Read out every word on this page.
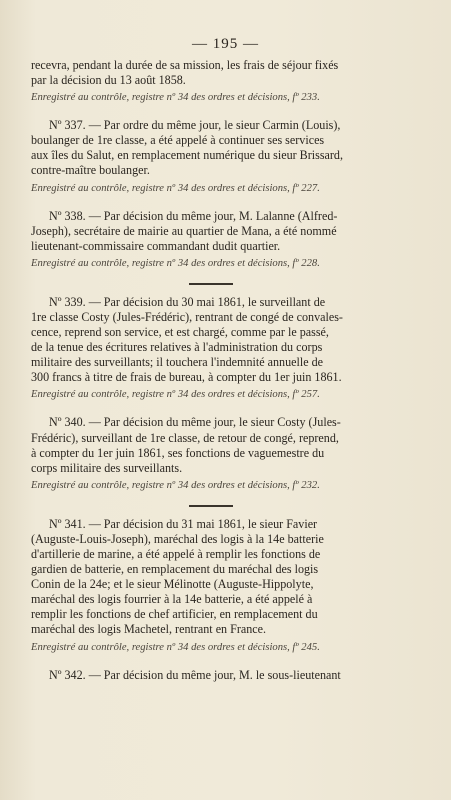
— 195 —

recevra, pendant la durée de sa mission, les frais de séjour fixés
par la décision du 13 août 1858.

Enregistré au contrôle, registre nº 34 des ordres et décisions, fº 233.

Nº 337. — Par ordre du même jour, le sieur Carmin (Louis),
boulanger de 1re classe, a été appelé à continuer ses services
aux îles du Salut, en remplacement numérique du sieur Brissard,
contre-maître boulanger.

Enregistré au contrôle, registre nº 34 des ordres et décisions, fº 227.

Nº 338. — Par décision du même jour, M. Lalanne (Alfred-
Joseph), secrétaire de mairie au quartier de Mana, a été nommé
lieutenant-commissaire commandant dudit quartier.

Enregistré au contrôle, registre nº 34 des ordres et décisions, fº 228.

Nº 339. — Par décision du 30 mai 1861, le surveillant de
1re classe Costy (Jules-Frédéric), rentrant de congé de convales-
cence, reprend son service, et est chargé, comme par le passé,
de la tenue des écritures relatives à l'administration du corps
militaire des surveillants; il touchera l'indemnité annuelle de
300 francs à titre de frais de bureau, à compter du 1er juin 1861.

Enregistré au contrôle, registre nº 34 des ordres et décisions, fº 257.

Nº 340. — Par décision du même jour, le sieur Costy (Jules-
Frédéric), surveillant de 1re classe, de retour de congé, reprend,
à compter du 1er juin 1861, ses fonctions de vaguemestre du
corps militaire des surveillants.

Enregistré au contrôle, registre nº 34 des ordres et décisions, fº 232.

Nº 341. — Par décision du 31 mai 1861, le sieur Favier
(Auguste-Louis-Joseph), maréchal des logis à la 14e batterie
d'artillerie de marine, a été appelé à remplir les fonctions de
gardien de batterie, en remplacement du maréchal des logis
Conin de la 24e; et le sieur Mélinotte (Auguste-Hippolyte,
maréchal des logis fourrier à la 14e batterie, a été appelé à
remplir les fonctions de chef artificier, en remplacement du
maréchal des logis Machetel, rentrant en France.

Enregistré au contrôle, registre nº 34 des ordres et décisions, fº 245.

Nº 342. — Par décision du même jour, M. le sous-lieutenant
